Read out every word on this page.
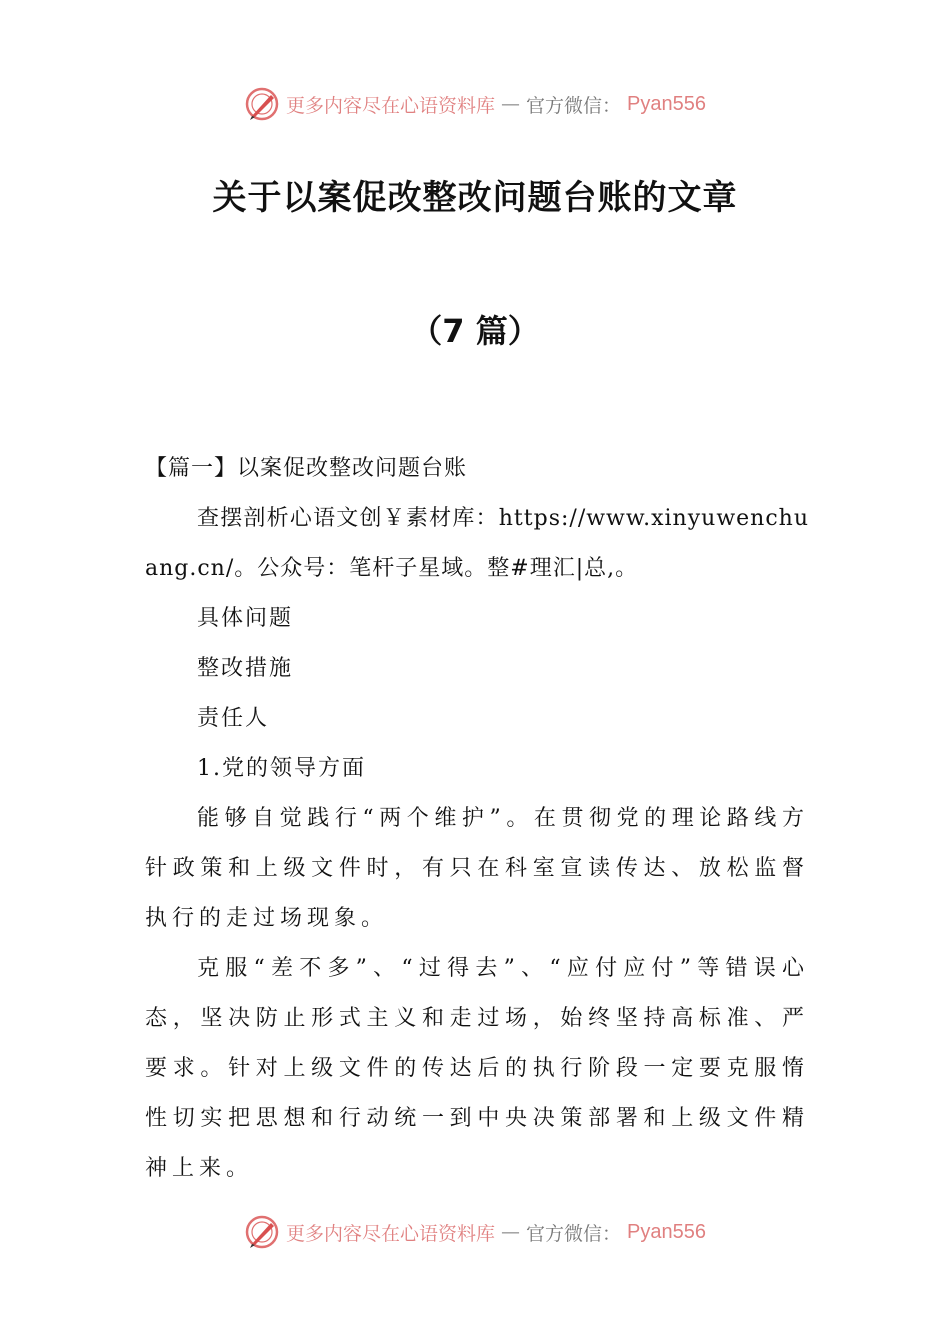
更多内容尽在心语资料库 — 官方微信： Pyan556
关于以案促改整改问题台账的文章
（7 篇）

【篇一】以案促改整改问题台账

查摆剖析心语文创￥素材库：https://www.xinyuwenchuang.cn/。公众号：笔杆子星域。整#理汇|总,。

具体问题

整改措施

责任人

1.党的领导方面

能够自觉践行“两个维护”。在贯彻党的理论路线方针政策和上级文件时，有只在科室宣读传达、放松监督执行的走过场现象。

克服“差不多”、“过得去”、“应付应付”等错误心态，坚决防止形式主义和走过场，始终坚持高标准、严要求。针对上级文件的传达后的执行阶段一定要克服惰性切实把思想和行动统一到中央决策部署和上级文件精神上来。

更多内容尽在心语资料库 — 官方微信： Pyan556
